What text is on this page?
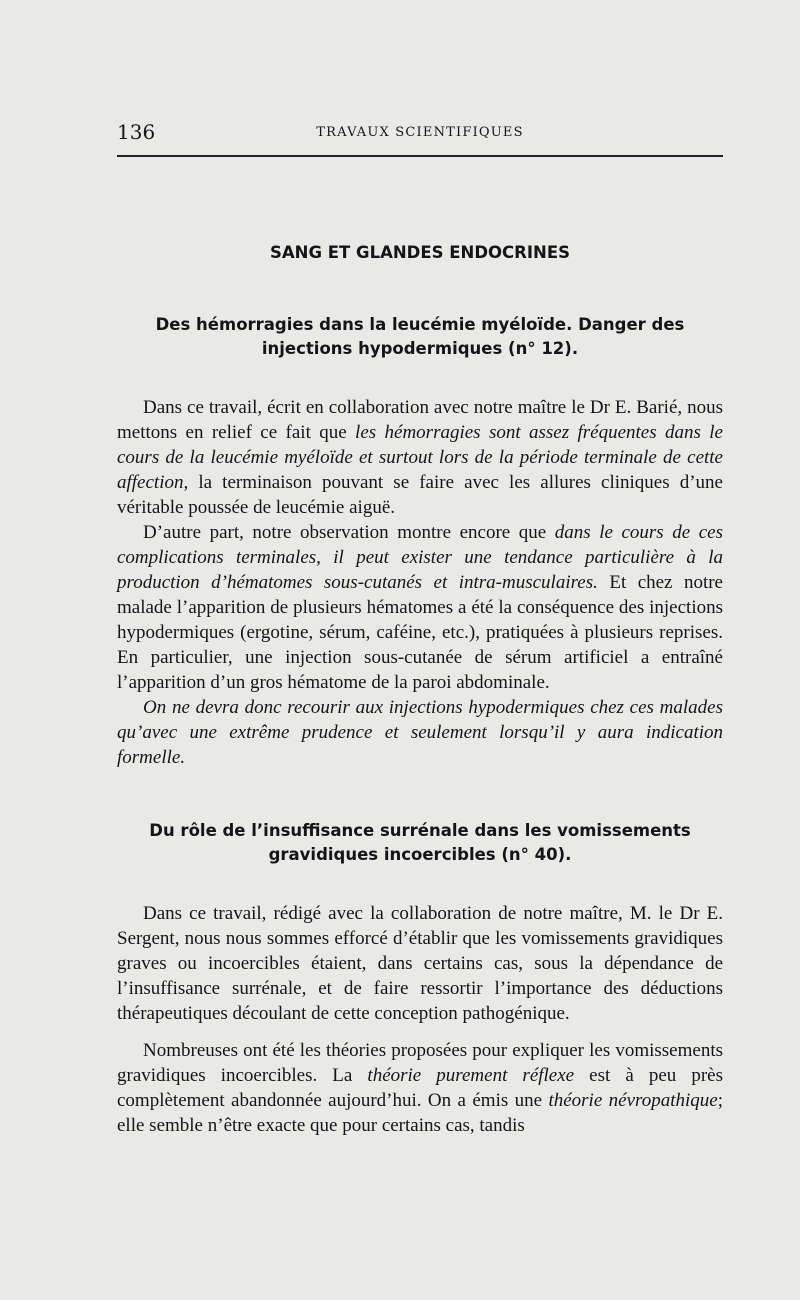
136	TRAVAUX SCIENTIFIQUES
SANG ET GLANDES ENDOCRINES
Des hémorragies dans la leucémie myéloïde. Danger des injections hypodermiques (n° 12).

Dans ce travail, écrit en collaboration avec notre maître le Dr E. Barié, nous mettons en relief ce fait que les hémorragies sont assez fréquentes dans le cours de la leucémie myéloïde et surtout lors de la période terminale de cette affection, la terminaison pouvant se faire avec les allures cliniques d’une véritable poussée de leucémie aiguë.

D’autre part, notre observation montre encore que dans le cours de ces complications terminales, il peut exister une tendance particulière à la production d’hématomes sous-cutanés et intra-musculaires. Et chez notre malade l’apparition de plusieurs hématomes a été la conséquence des injections hypodermiques (ergotine, sérum, caféine, etc.), pratiquées à plusieurs reprises. En particulier, une injection sous-cutanée de sérum artificiel a entraîné l’apparition d’un gros hématome de la paroi abdominale.

On ne devra donc recourir aux injections hypodermiques chez ces malades qu’avec une extrême prudence et seulement lorsqu’il y aura indication formelle.

Du rôle de l’insuffisance surrénale dans les vomissements gravidiques incoercibles (n° 40).

Dans ce travail, rédigé avec la collaboration de notre maître, M. le Dr E. Sergent, nous nous sommes efforcé d’établir que les vomissements gravidiques graves ou incoercibles étaient, dans certains cas, sous la dépendance de l’insuffisance surrénale, et de faire ressortir l’importance des déductions thérapeutiques découlant de cette conception pathogénique.

Nombreuses ont été les théories proposées pour expliquer les vomissements gravidiques incoercibles. La théorie purement réflexe est à peu près complètement abandonnée aujourd’hui. On a émis une théorie névropathique; elle semble n’être exacte que pour certains cas, tandis
